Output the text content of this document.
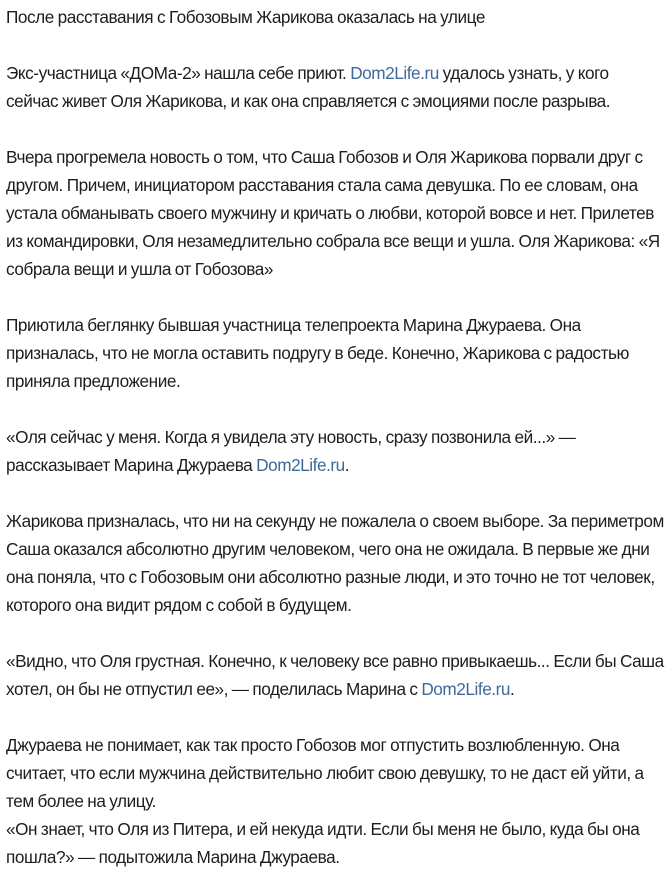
После расставания с Гобозовым Жарикова оказалась на улице

Экс-участница «ДОМа-2» нашла себе приют. Dom2Life.ru удалось узнать, у кого сейчас живет Оля Жарикова, и как она справляется с эмоциями после разрыва.

Вчера прогремела новость о том, что Саша Гобозов и Оля Жарикова порвали друг с другом. Причем, инициатором расставания стала сама девушка. По ее словам, она устала обманывать своего мужчину и кричать о любви, которой вовсе и нет. Прилетев из командировки, Оля незамедлительно собрала все вещи и ушла. Оля Жарикова: «Я собрала вещи и ушла от Гобозова»

Приютила беглянку бывшая участница телепроекта Марина Джураева. Она призналась, что не могла оставить подругу в беде. Конечно, Жарикова с радостью приняла предложение.

«Оля сейчас у меня. Когда я увидела эту новость, сразу позвонила ей...» — рассказывает Марина Джураева Dom2Life.ru.

Жарикова призналась, что ни на секунду не пожалела о своем выборе. За периметром Саша оказался абсолютно другим человеком, чего она не ожидала. В первые же дни она поняла, что с Гобозовым они абсолютно разные люди, и это точно не тот человек, которого она видит рядом с собой в будущем.

«Видно, что Оля грустная. Конечно, к человеку все равно привыкаешь... Если бы Саша хотел, он бы не отпустил ее», — поделилась Марина с Dom2Life.ru.

Джураева не понимает, как так просто Гобозов мог отпустить возлюбленную. Она считает, что если мужчина действительно любит свою девушку, то не даст ей уйти, а тем более на улицу.

«Он знает, что Оля из Питера, и ей некуда идти. Если бы меня не было, куда бы она пошла?» — подытожила Марина Джураева.
